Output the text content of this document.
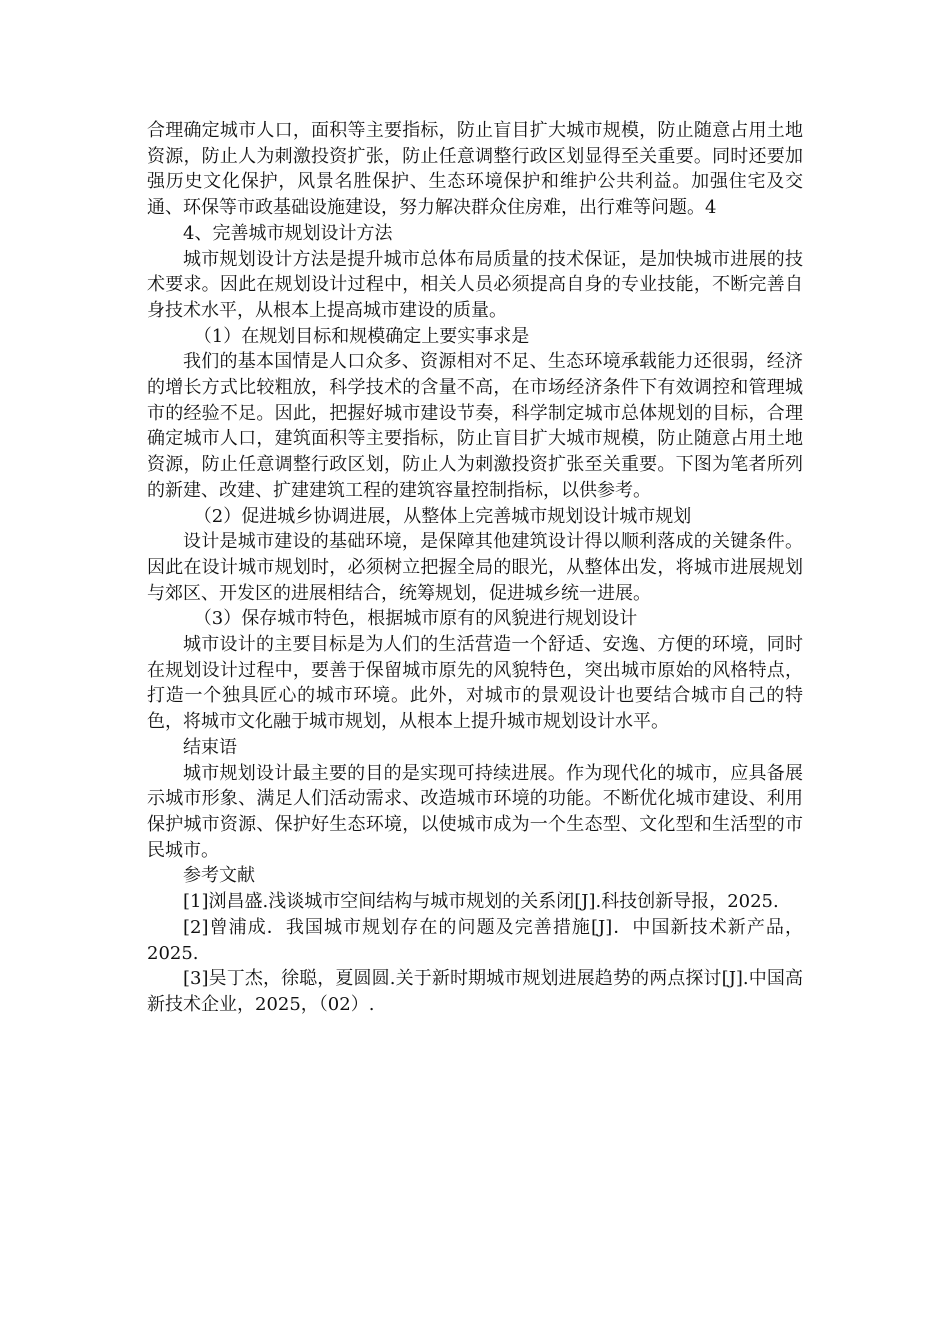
合理确定城市人口，面积等主要指标，防止盲目扩大城市规模，防止随意占用土地资源，防止人为刺激投资扩张，防止任意调整行政区划显得至关重要。同时还要加强历史文化保护，风景名胜保护、生态环境保护和维护公共利益。加强住宅及交通、环保等市政基础设施建设，努力解决群众住房难，出行难等问题。4

4、完善城市规划设计方法

城市规划设计方法是提升城市总体布局质量的技术保证，是加快城市进展的技术要求。因此在规划设计过程中，相关人员必须提高自身的专业技能，不断完善自身技术水平，从根本上提高城市建设的质量。

（1）在规划目标和规模确定上要实事求是

我们的基本国情是人口众多、资源相对不足、生态环境承载能力还很弱，经济的增长方式比较粗放，科学技术的含量不高，在市场经济条件下有效调控和管理城市的经验不足。因此，把握好城市建设节奏，科学制定城市总体规划的目标，合理确定城市人口，建筑面积等主要指标，防止盲目扩大城市规模，防止随意占用土地资源，防止任意调整行政区划，防止人为刺激投资扩张至关重要。下图为笔者所列的新建、改建、扩建建筑工程的建筑容量控制指标，以供参考。

（2）促进城乡协调进展，从整体上完善城市规划设计城市规划

设计是城市建设的基础环境，是保障其他建筑设计得以顺利落成的关键条件。因此在设计城市规划时，必须树立把握全局的眼光，从整体出发，将城市进展规划与郊区、开发区的进展相结合，统筹规划，促进城乡统一进展。

（3）保存城市特色，根据城市原有的风貌进行规划设计

城市设计的主要目标是为人们的生活营造一个舒适、安逸、方便的环境，同时在规划设计过程中，要善于保留城市原先的风貌特色，突出城市原始的风格特点，打造一个独具匠心的城市环境。此外，对城市的景观设计也要结合城市自己的特色，将城市文化融于城市规划，从根本上提升城市规划设计水平。

结束语

城市规划设计最主要的目的是实现可持续进展。作为现代化的城市，应具备展示城市形象、满足人们活动需求、改造城市环境的功能。不断优化城市建设、利用保护城市资源、保护好生态环境，以使城市成为一个生态型、文化型和生活型的市民城市。

参考文献

[1]浏昌盛.浅谈城市空间结构与城市规划的关系闭[J].科技创新导报，2025.

[2]曾浦成．我国城市规划存在的问题及完善措施[J]．中国新技术新产品，2025.

[3]吴丁杰，徐聪，夏圆圆.关于新时期城市规划进展趋势的两点探讨[J].中国高新技术企业，2025，（02）.
